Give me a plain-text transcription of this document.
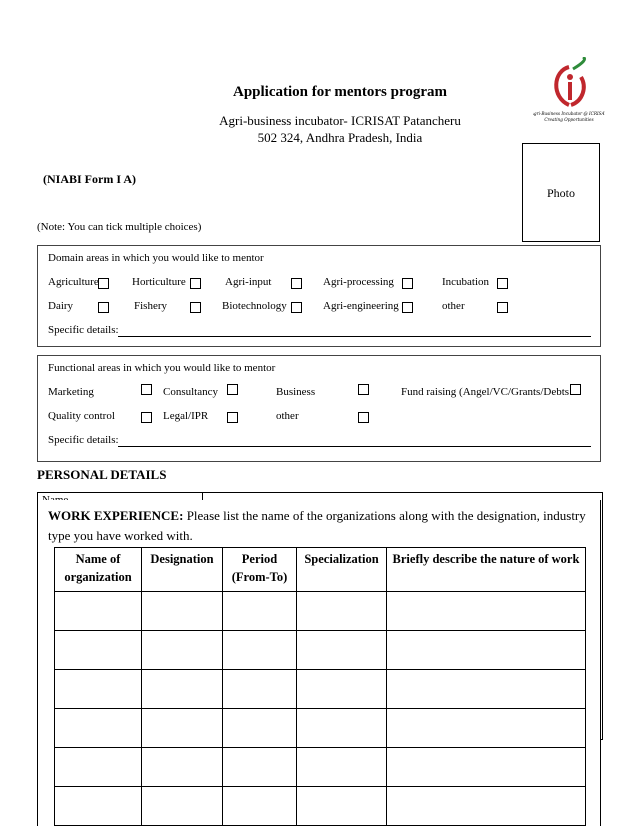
Application for mentors program
Agri-business incubator- ICRISAT Patancheru
502 324, Andhra Pradesh, India
Agri-Business Incubator @ ICRISAT
Creating Opportunities
(NIABI Form I A)
Photo
(Note: You can tick multiple choices)
Domain areas in which you would like to mentor
Agriculture	Horticulture	Agri-input	Agri-processing	Incubation
Dairy	Fishery	Biotechnology	Agri-engineering	other
Specific details:
Functional areas in which you would like to mentor
Marketing	Consultancy	Business	Fund raising (Angel/VC/Grants/Debts
Quality control	Legal/IPR	other
Specific details:
PERSONAL DETAILS
WORK EXPERIENCE: Please list the name of the organizations along with the designation, industry type you have worked with.
Name of organization	Designation	Period (From-To)	Specialization	Briefly describe the nature of work
